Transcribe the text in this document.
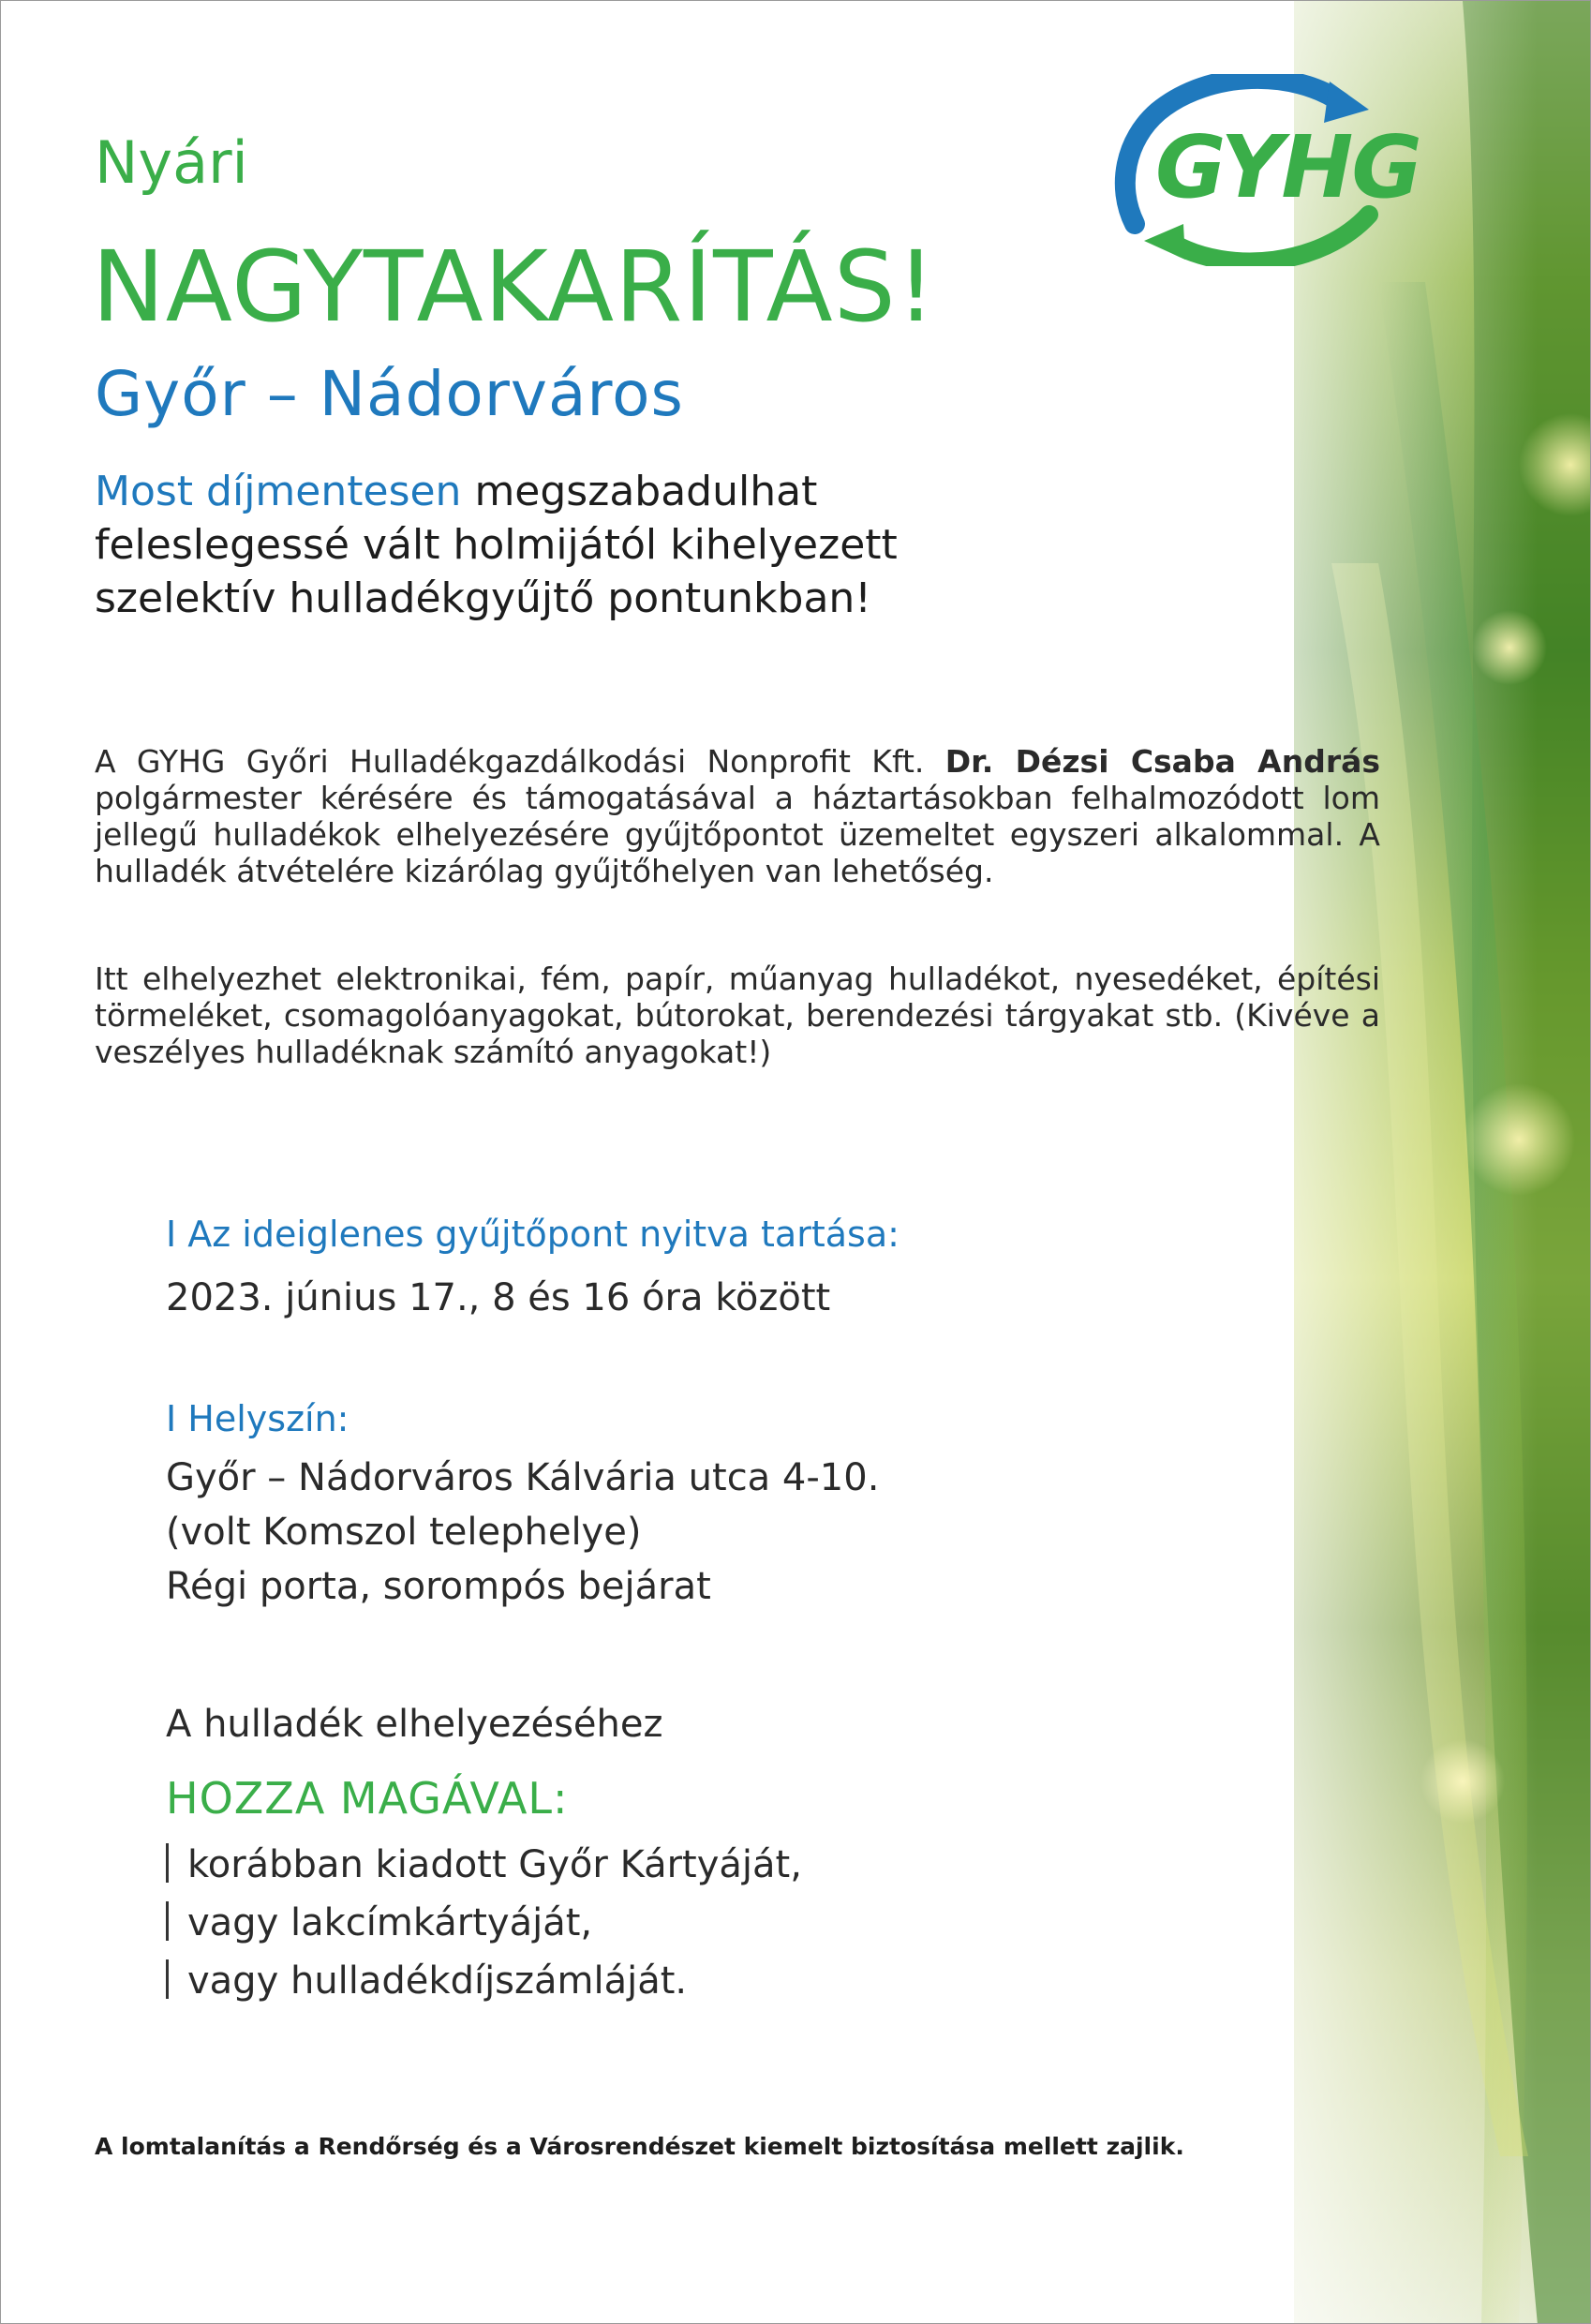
GYHG
Nyári
NAGYTAKARÍTÁS!
Győr – Nádorváros
Most díjmentesen megszabadulhat
feleslegessé vált holmijától kihelyezett
szelektív hulladékgyűjtő pontunkban!
A GYHG Győri Hulladékgazdálkodási Nonprofit Kft. Dr. Dézsi Csaba András polgármester kérésére és támogatásával a háztartásokban felhalmozódott lom jellegű hulladékok elhelyezésére gyűjtőpontot üzemeltet egyszeri alkalommal. A hulladék átvételére kizárólag gyűjtőhelyen van lehetőség.
Itt elhelyezhet elektronikai, fém, papír, műanyag hulladékot, nyesedéket, építési törmeléket, csomagolóanyagokat, bútorokat, berendezési tárgyakat stb. (Kivéve a veszélyes hulladéknak számító anyagokat!)
I Az ideiglenes gyűjtőpont nyitva tartása:
2023. június 17., 8 és 16 óra között
I Helyszín:
Győr – Nádorváros Kálvária utca 4-10.
(volt Komszol telephelye)
Régi porta, sorompós bejárat
A hulladék elhelyezéséhez
HOZZA MAGÁVAL:
korábban kiadott Győr Kártyáját,
vagy lakcímkártyáját,
vagy hulladékdíjszámláját.
A lomtalanítás a Rendőrség és a Városrendészet kiemelt biztosítása mellett zajlik.
